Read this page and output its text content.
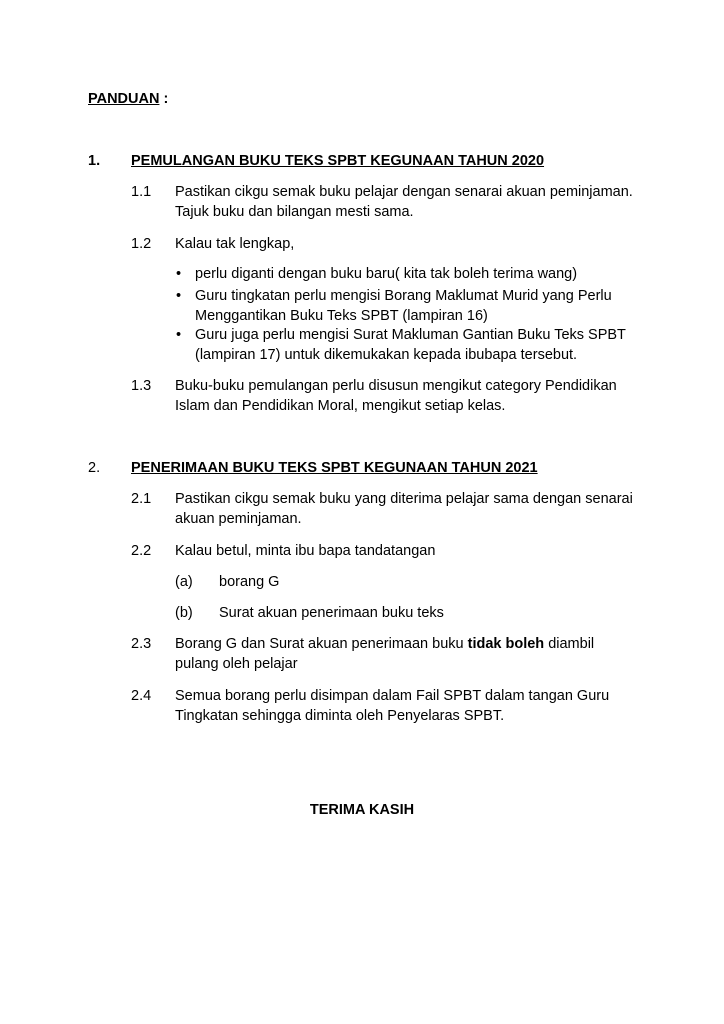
PANDUAN :
1. PEMULANGAN BUKU TEKS SPBT KEGUNAAN TAHUN 2020
1.1 Pastikan cikgu semak buku pelajar dengan senarai akuan peminjaman. Tajuk buku dan bilangan mesti sama.
1.2 Kalau tak lengkap,
• perlu diganti dengan buku baru( kita tak boleh terima wang)
• Guru tingkatan perlu mengisi Borang Maklumat Murid yang Perlu Menggantikan Buku Teks SPBT (lampiran 16)
• Guru juga perlu mengisi Surat Makluman Gantian Buku Teks SPBT (lampiran 17) untuk dikemukakan kepada ibubapa tersebut.
1.3 Buku-buku pemulangan perlu disusun mengikut category Pendidikan Islam dan Pendidikan Moral, mengikut setiap kelas.
2. PENERIMAAN BUKU TEKS SPBT KEGUNAAN TAHUN 2021
2.1 Pastikan cikgu semak buku yang diterima pelajar sama dengan senarai akuan peminjaman.
2.2 Kalau betul, minta ibu bapa tandatangan
(a) borang G
(b) Surat akuan penerimaan buku teks
2.3 Borang G dan Surat akuan penerimaan buku tidak boleh diambil pulang oleh pelajar
2.4 Semua borang perlu disimpan dalam Fail SPBT dalam tangan Guru Tingkatan sehingga diminta oleh Penyelaras SPBT.
TERIMA KASIH
